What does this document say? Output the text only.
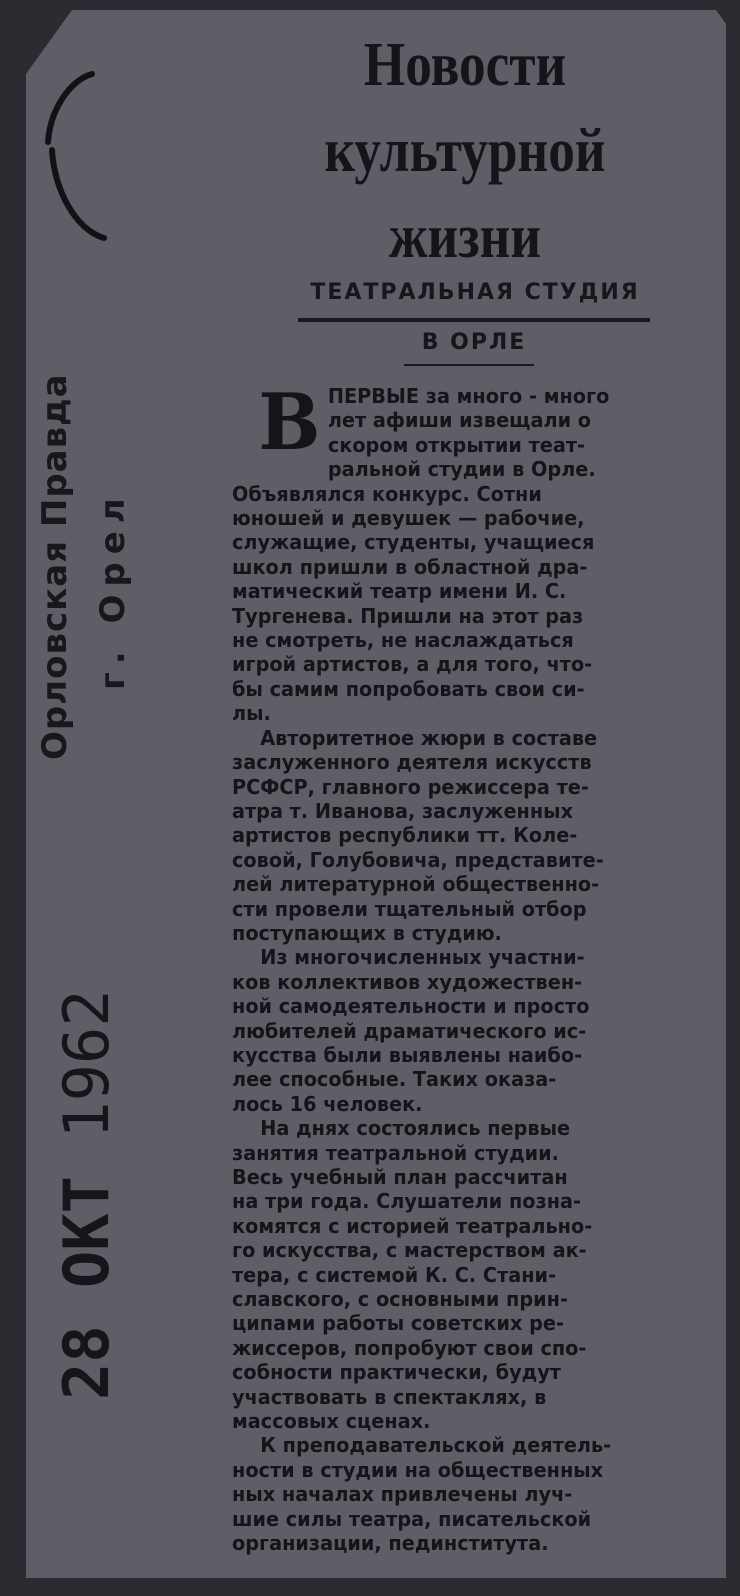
Орловская Правда г. Орел
28 ОКТ 1962
Новости
культурной
жизни
ТЕАТРАЛЬНАЯ СТУДИЯ
В ОРЛЕ
В ПЕРВЫЕ за много - много
лет афиши извещали о
скором открытии теат-
ральной студии в Орле.
Объявлялся конкурс. Сотни
юношей и девушек — рабочие,
служащие, студенты, учащиеся
школ пришли в областной дра-
матический театр имени И. С.
Тургенева. Пришли на этот раз
не смотреть, не наслаждаться
игрой артистов, а для того, что-
бы самим попробовать свои си-
лы.
Авторитетное жюри в составе
заслуженного деятеля искусств
РСФСР, главного режиссера те-
атра т. Иванова, заслуженных
артистов республики тт. Коле-
совой, Голубовича, представите-
лей литературной общественно-
сти провели тщательный отбор
поступающих в студию.
Из многочисленных участни-
ков коллективов художествен-
ной самодеятельности и просто
любителей драматического ис-
кусства были выявлены наибо-
лее способные. Таких оказа-
лось 16 человек.
На днях состоялись первые
занятия театральной студии.
Весь учебный план рассчитан
на три года. Слушатели позна-
комятся с историей театрально-
го искусства, с мастерством ак-
тера, с системой К. С. Стани-
славского, с основными прин-
ципами работы советских ре-
жиссеров, попробуют свои спо-
собности практически, будут
участвовать в спектаклях, в
массовых сценах.
К преподавательской деятель-
ности в студии на общественных
ных началах привлечены луч-
шие силы театра, писательской
организации, пединститута.
